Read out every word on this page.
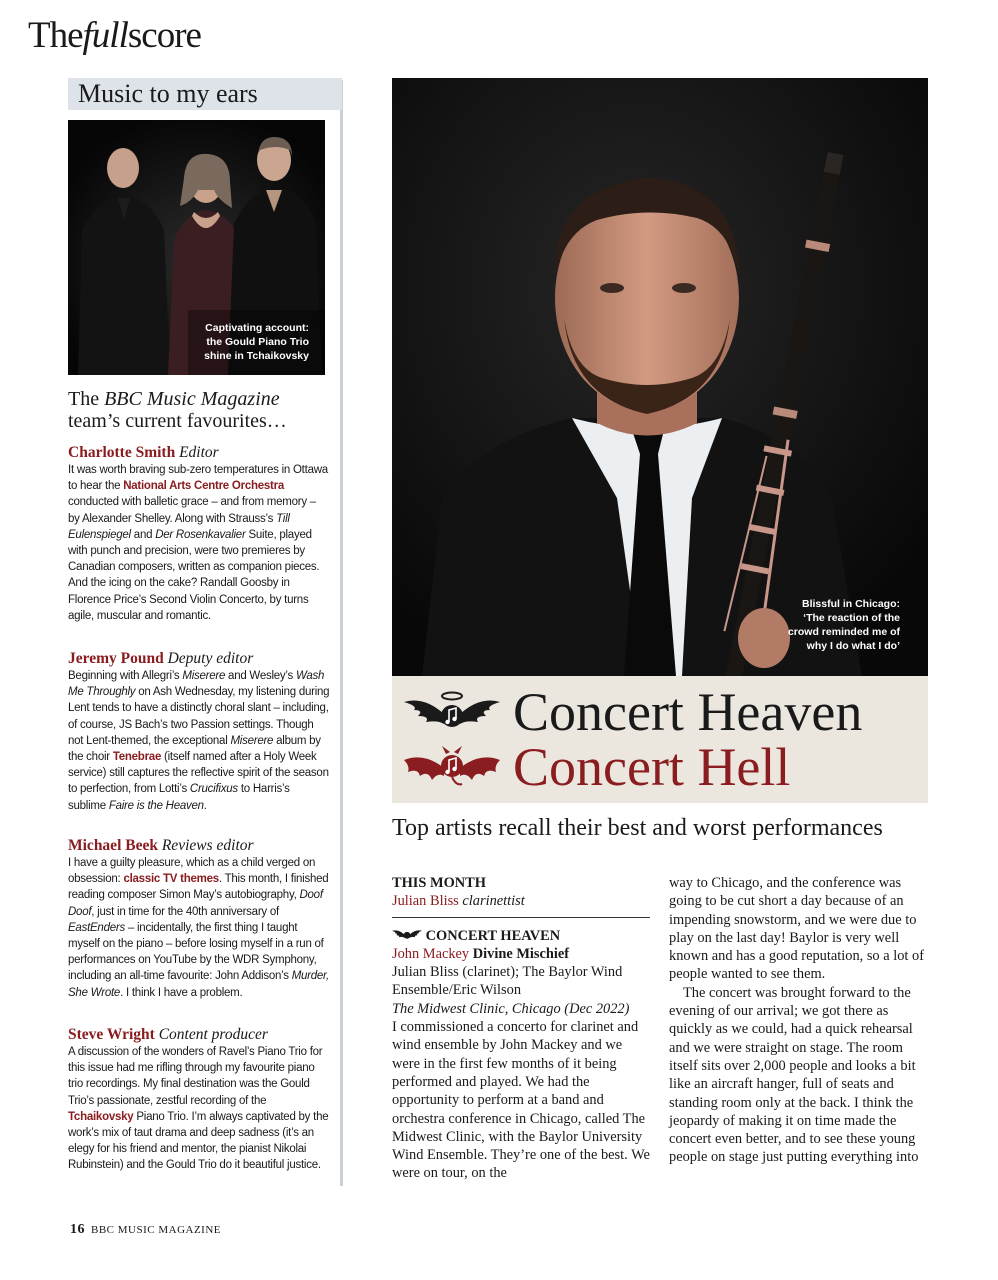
Thefullscore
Music to my ears
Captivating account:
the Gould Piano Trio
shine in Tchaikovsky
The BBC Music Magazine
team’s current favourites…
Charlotte Smith Editor

It was worth braving sub-zero temperatures in Ottawa to hear the National Arts Centre Orchestra conducted with balletic grace – and from memory – by Alexander Shelley. Along with Strauss’s Till Eulenspiegel and Der Rosenkavalier Suite, played with punch and precision, were two premieres by Canadian composers, written as companion pieces. And the icing on the cake? Randall Goosby in Florence Price’s Second Violin Concerto, by turns agile, muscular and romantic.

Jeremy Pound Deputy editor

Beginning with Allegri’s Miserere and Wesley’s Wash Me Throughly on Ash Wednesday, my listening during Lent tends to have a distinctly choral slant – including, of course, JS Bach’s two Passion settings. Though not Lent-themed, the exceptional Miserere album by the choir Tenebrae (itself named after a Holy Week service) still captures the reflective spirit of the season to perfection, from Lotti’s Crucifixus to Harris’s sublime Faire is the Heaven.

Michael Beek Reviews editor

I have a guilty pleasure, which as a child verged on obsession: classic TV themes. This month, I finished reading composer Simon May’s autobiography, Doof Doof, just in time for the 40th anniversary of EastEnders – incidentally, the first thing I taught myself on the piano – before losing myself in a run of performances on YouTube by the WDR Symphony, including an all-time favourite: John Addison’s Murder, She Wrote. I think I have a problem.

Steve Wright Content producer

A discussion of the wonders of Ravel’s Piano Trio for this issue had me rifling through my favourite piano trio recordings. My final destination was the Gould Trio’s passionate, zestful recording of the Tchaikovsky Piano Trio. I’m always captivated by the work’s mix of taut drama and deep sadness (it’s an elegy for his friend and mentor, the pianist Nikolai Rubinstein) and the Gould Trio do it beautiful justice.

Blissful in Chicago:
‘The reaction of the
crowd reminded me of
why I do what I do’
Concert Heaven
Concert Hell
Top artists recall their best and worst performances
THIS MONTH
Julian Bliss clarinettist
CONCERT HEAVEN
John Mackey Divine Mischief

Julian Bliss (clarinet); The Baylor Wind Ensemble/Eric Wilson

The Midwest Clinic, Chicago (Dec 2022)

I commissioned a concerto for clarinet and wind ensemble by John Mackey and we were in the first few months of it being performed and played. We had the opportunity to perform at a band and orchestra conference in Chicago, called The Midwest Clinic, with the Baylor University Wind Ensemble. They’re one of the best. We were on tour, on the

way to Chicago, and the conference was going to be cut short a day because of an impending snowstorm, and we were due to play on the last day! Baylor is very well known and has a good reputation, so a lot of people wanted to see them.

The concert was brought forward to the evening of our arrival; we got there as quickly as we could, had a quick rehearsal and we were straight on stage. The room itself sits over 2,000 people and looks a bit like an aircraft hanger, full of seats and standing room only at the back. I think the jeopardy of making it on time made the concert even better, and to see these young people on stage just putting everything into

16 BBC MUSIC MAGAZINE
